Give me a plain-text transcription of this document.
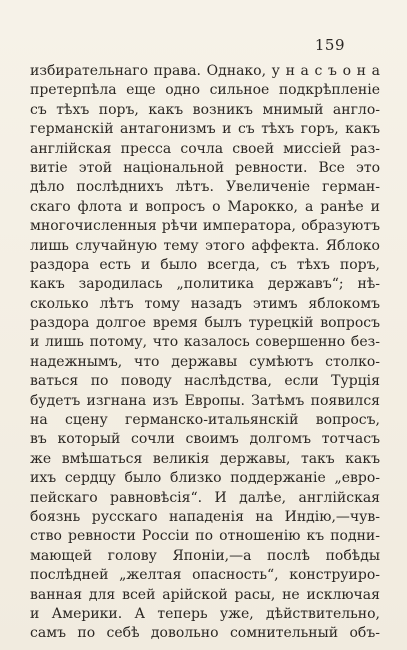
159
избирательнаго права. Однако, у н а с ъ о н а
претерпѣла еще одно сильное подкрѣпленіе
съ тѣхъ поръ, какъ возникъ мнимый англо-
германскій антагонизмъ и съ тѣхъ горъ, какъ
англійская пресса сочла своей миссіей раз-
витіе этой національной ревности. Все это
дѣло послѣднихъ лѣтъ. Увеличеніе герман-
скаго флота и вопросъ о Марокко, а ранѣе и
многочисленныя рѣчи императора, образуютъ
лишь случайную тему этого аффекта. Яблоко
раздора есть и было всегда, съ тѣхъ поръ,
какъ зародилась „политика державъ“; нѣ-
сколько лѣтъ тому назадъ этимъ яблокомъ
раздора долгое время былъ турецкій вопросъ
и лишь потому, что казалось совершенно без-
надежнымъ, что державы сумѣютъ столко-
ваться по поводу наслѣдства, если Турція
будетъ изгнана изъ Европы. Затѣмъ появился
на сцену германско-итальянскій вопросъ,
въ который сочли своимъ долгомъ тотчасъ
же вмѣшаться великія державы, такъ какъ
ихъ сердцу было близко поддержаніе „евро-
пейскаго равновѣсія“. И далѣе, англійская
боязнь русскаго нападенія на Индію,—чув-
ство ревности Россіи по отношенію къ подни-
мающей голову Японіи,—а послѣ побѣды
послѣдней „желтая опасность“, конструиро-
ванная для всей арійской расы, не исключая
и Америки. А теперь уже, дѣйствительно,
самъ по себѣ довольно сомнительный объ-
